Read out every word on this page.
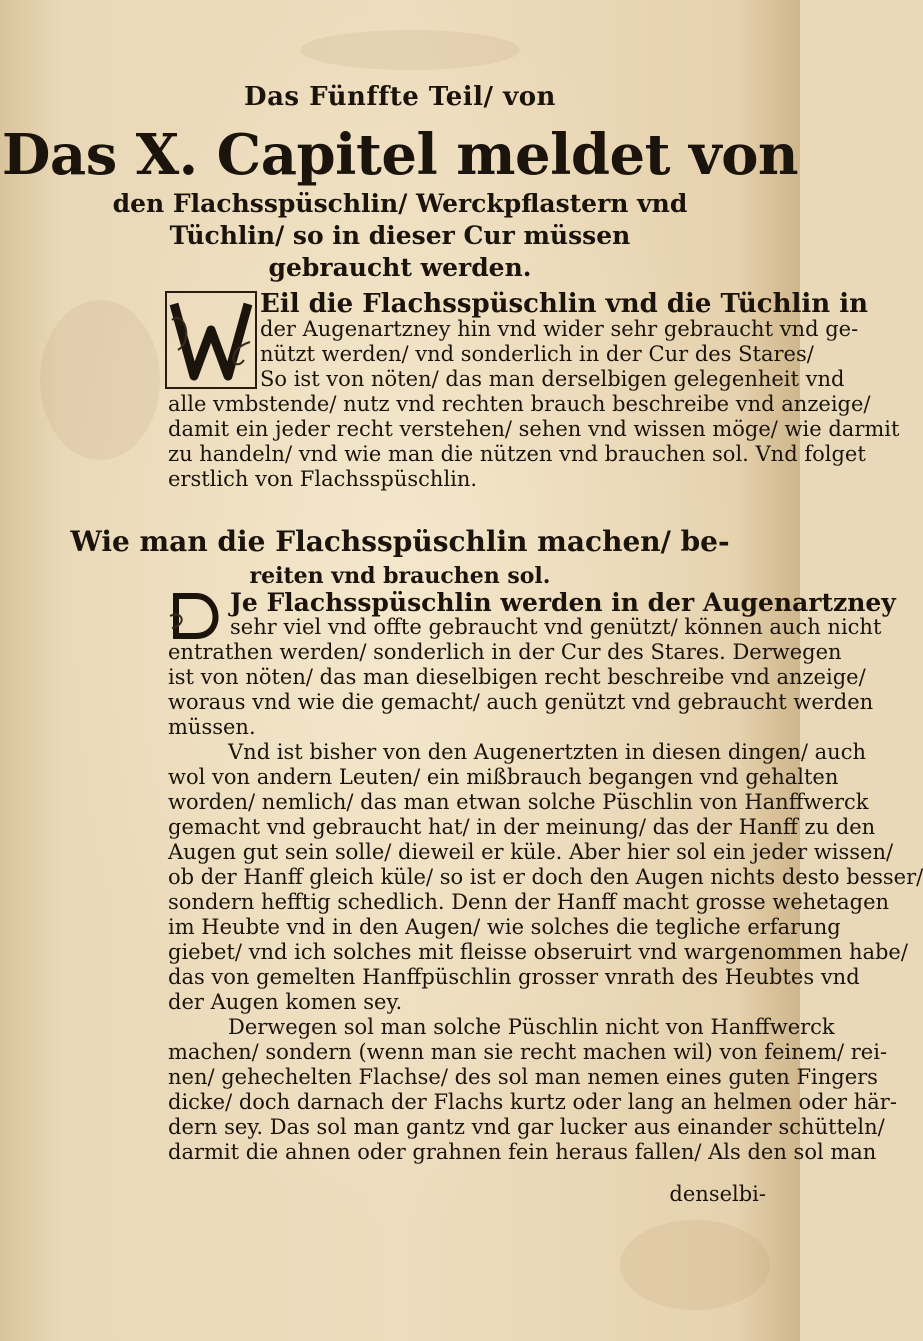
Das Fünffte Teil/ von
Das X. Capitel meldet von
den Flachsspüschlin/ Werckpflastern vnd
Tüchlin/ so in dieser Cur müssen
gebraucht werden.
Eil die Flachsspüschlin vnd die Tüchlin in
der Augenartzney hin vnd wider sehr gebraucht vnd ge-
nützt werden/ vnd sonderlich in der Cur des Stares/
So ist von nöten/ das man derselbigen gelegenheit vnd
alle vmbstende/ nutz vnd rechten brauch beschreibe vnd anzeige/
damit ein jeder recht verstehen/ sehen vnd wissen möge/ wie darmit
zu handeln/ vnd wie man die nützen vnd brauchen sol. Vnd folget
erstlich von Flachsspüschlin.
Wie man die Flachsspüschlin machen/ be-
reiten vnd brauchen sol.
Je Flachsspüschlin werden in der Augenartzney
sehr viel vnd offte gebraucht vnd genützt/ können auch nicht
entrathen werden/ sonderlich in der Cur des Stares. Derwegen
ist von nöten/ das man dieselbigen recht beschreibe vnd anzeige/
woraus vnd wie die gemacht/ auch genützt vnd gebraucht werden
müssen.
Vnd ist bisher von den Augenertzten in diesen dingen/ auch
wol von andern Leuten/ ein mißbrauch begangen vnd gehalten
worden/ nemlich/ das man etwan solche Püschlin von Hanffwerck
gemacht vnd gebraucht hat/ in der meinung/ das der Hanff zu den
Augen gut sein solle/ dieweil er küle. Aber hier sol ein jeder wissen/
ob der Hanff gleich küle/ so ist er doch den Augen nichts desto besser/
sondern hefftig schedlich. Denn der Hanff macht grosse wehetagen
im Heubte vnd in den Augen/ wie solches die tegliche erfarung
giebet/ vnd ich solches mit fleisse obseruirt vnd wargenommen habe/
das von gemelten Hanffpüschlin grosser vnrath des Heubtes vnd
der Augen komen sey.
Derwegen sol man solche Püschlin nicht von Hanffwerck
machen/ sondern (wenn man sie recht machen wil) von feinem/ rei-
nen/ gehechelten Flachse/ des sol man nemen eines guten Fingers
dicke/ doch darnach der Flachs kurtz oder lang an helmen oder här-
dern sey. Das sol man gantz vnd gar lucker aus einander schütteln/
darmit die ahnen oder grahnen fein heraus fallen/ Als den sol man
denselbi-
